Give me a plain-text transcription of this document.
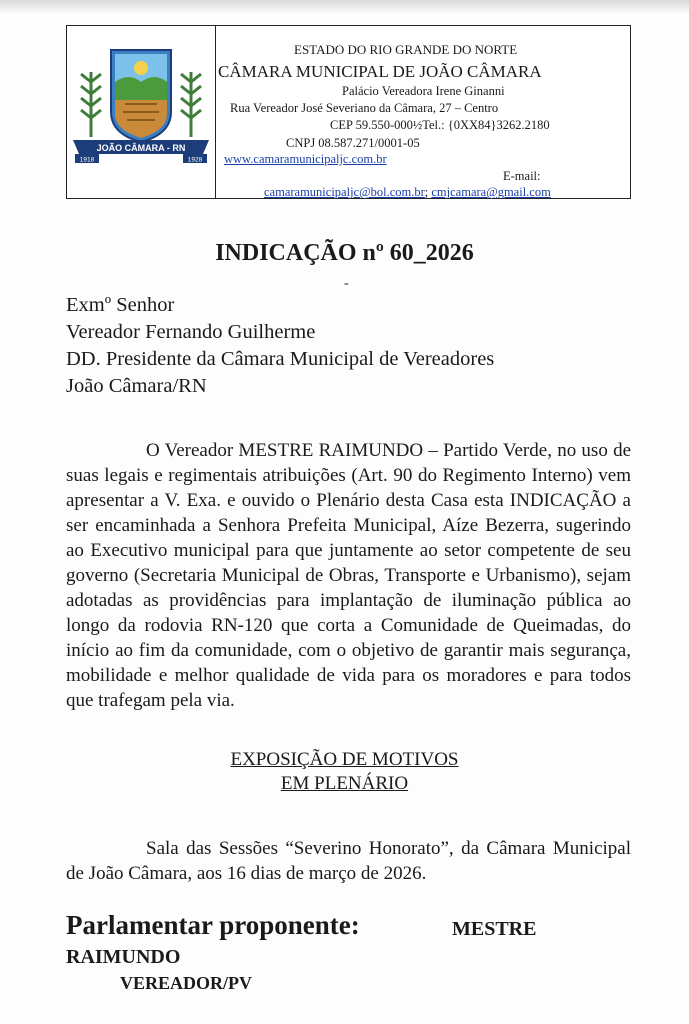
JOÃO CÂMARA - RN
1918	1928
ESTADO DO RIO GRANDE DO NORTE
CÂMARA MUNICIPAL DE JOÃO CÂMARA
Palácio Vereadora Irene Ginanni
Rua Vereador José Severiano da Câmara, 27 – Centro
CEP 59.550-000½Tel.: {0XX84}3262.2180
CNPJ 08.587.271/0001-05
www.camaramunicipaljc.com.br
E-mail:
camaramunicipaljc@bol.com.br; cmjcamara@gmail.com
INDICAÇÃO nº 60_2026
-
Exmº Senhor
Vereador Fernando Guilherme
DD. Presidente da Câmara Municipal de Vereadores
João Câmara/RN
O Vereador MESTRE RAIMUNDO – Partido Verde, no uso de suas legais e regimentais atribuições (Art. 90 do Regimento Interno) vem apresentar a V. Exa. e ouvido o Plenário desta Casa esta INDICAÇÃO a ser encaminhada a Senhora Prefeita Municipal, Aíze Bezerra, sugerindo ao Executivo municipal para que juntamente ao setor competente de seu governo (Secretaria Municipal de Obras, Transporte e Urbanismo), sejam adotadas as providências para implantação de iluminação pública ao longo da rodovia RN-120 que corta a Comunidade de Queimadas, do início ao fim da comunidade, com o objetivo de garantir mais segurança, mobilidade e melhor qualidade de vida para os moradores e para todos que trafegam pela via.
EXPOSIÇÃO DE MOTIVOS
EM PLENÁRIO
Sala das Sessões “Severino Honorato”, da Câmara Municipal de João Câmara, aos 16 dias de março de 2026.
Parlamentar proponente:	MESTRE
RAIMUNDO
VEREADOR/PV
